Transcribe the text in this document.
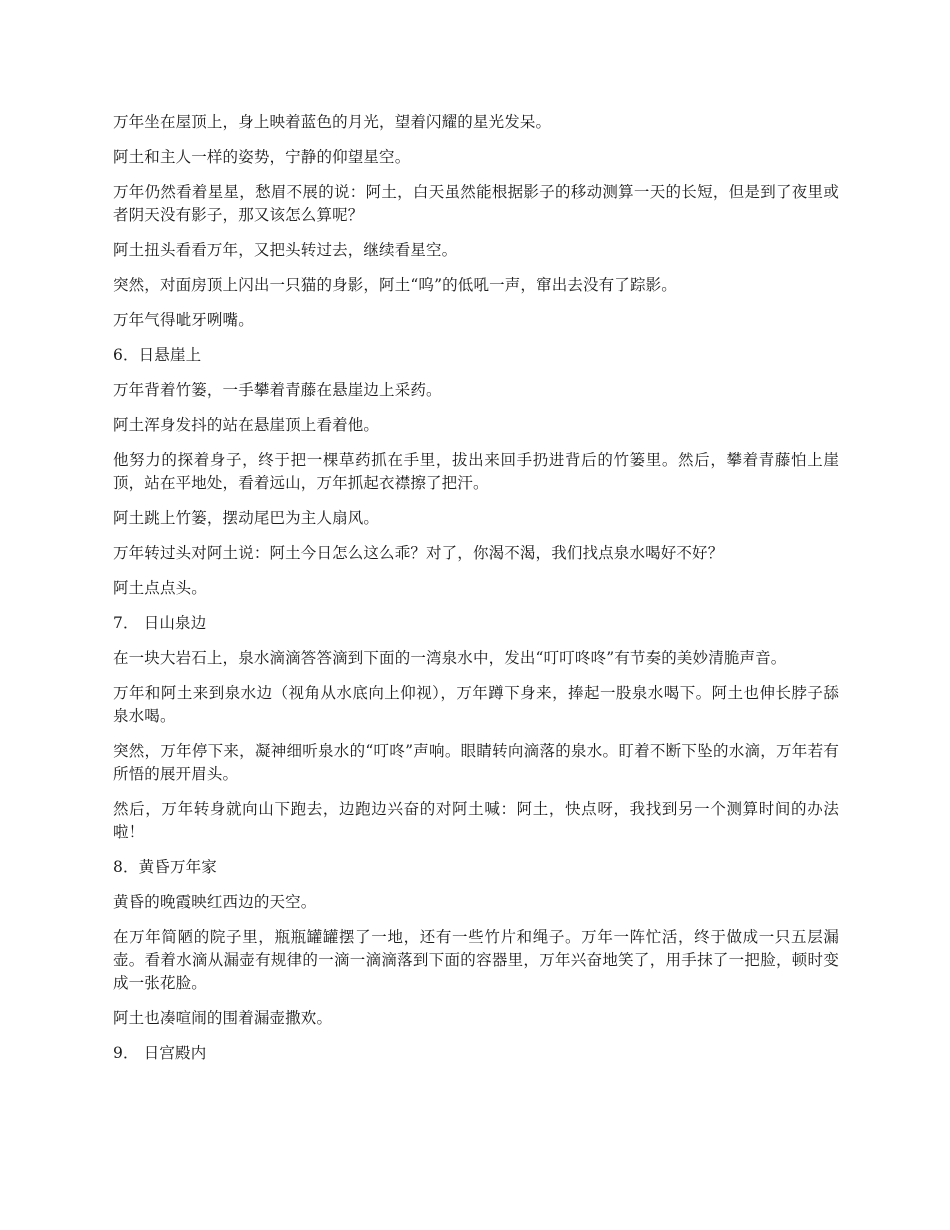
万年坐在屋顶上，身上映着蓝色的月光，望着闪耀的星光发呆。

阿土和主人一样的姿势，宁静的仰望星空。

万年仍然看着星星，愁眉不展的说：阿土，白天虽然能根据影子的移动测算一天的长短，但是到了夜里或者阴天没有影子，那又该怎么算呢？

阿土扭头看看万年，又把头转过去，继续看星空。

突然，对面房顶上闪出一只猫的身影，阿土“呜”的低吼一声，窜出去没有了踪影。

万年气得呲牙咧嘴。

6．日悬崖上

万年背着竹篓，一手攀着青藤在悬崖边上采药。

阿土浑身发抖的站在悬崖顶上看着他。

他努力的探着身子，终于把一棵草药抓在手里，拔出来回手扔进背后的竹篓里。然后，攀着青藤怕上崖顶，站在平地处，看着远山，万年抓起衣襟擦了把汗。

阿土跳上竹篓，摆动尾巴为主人扇风。

万年转过头对阿土说：阿土今日怎么这么乖？对了，你渴不渴，我们找点泉水喝好不好？

阿土点点头。

7． 日山泉边

在一块大岩石上，泉水滴滴答答滴到下面的一湾泉水中，发出“叮叮咚咚”有节奏的美妙清脆声音。

万年和阿土来到泉水边（视角从水底向上仰视），万年蹲下身来，捧起一股泉水喝下。阿土也伸长脖子舔泉水喝。

突然，万年停下来，凝神细听泉水的“叮咚”声响。眼睛转向滴落的泉水。盯着不断下坠的水滴，万年若有所悟的展开眉头。

然后，万年转身就向山下跑去，边跑边兴奋的对阿土喊：阿土，快点呀，我找到另一个测算时间的办法啦！

8．黄昏万年家

黄昏的晚霞映红西边的天空。

在万年简陋的院子里，瓶瓶罐罐摆了一地，还有一些竹片和绳子。万年一阵忙活，终于做成一只五层漏壶。看着水滴从漏壶有规律的一滴一滴滴落到下面的容器里，万年兴奋地笑了，用手抹了一把脸，顿时变成一张花脸。

阿土也凑喧闹的围着漏壶撒欢。

9． 日宫殿内
